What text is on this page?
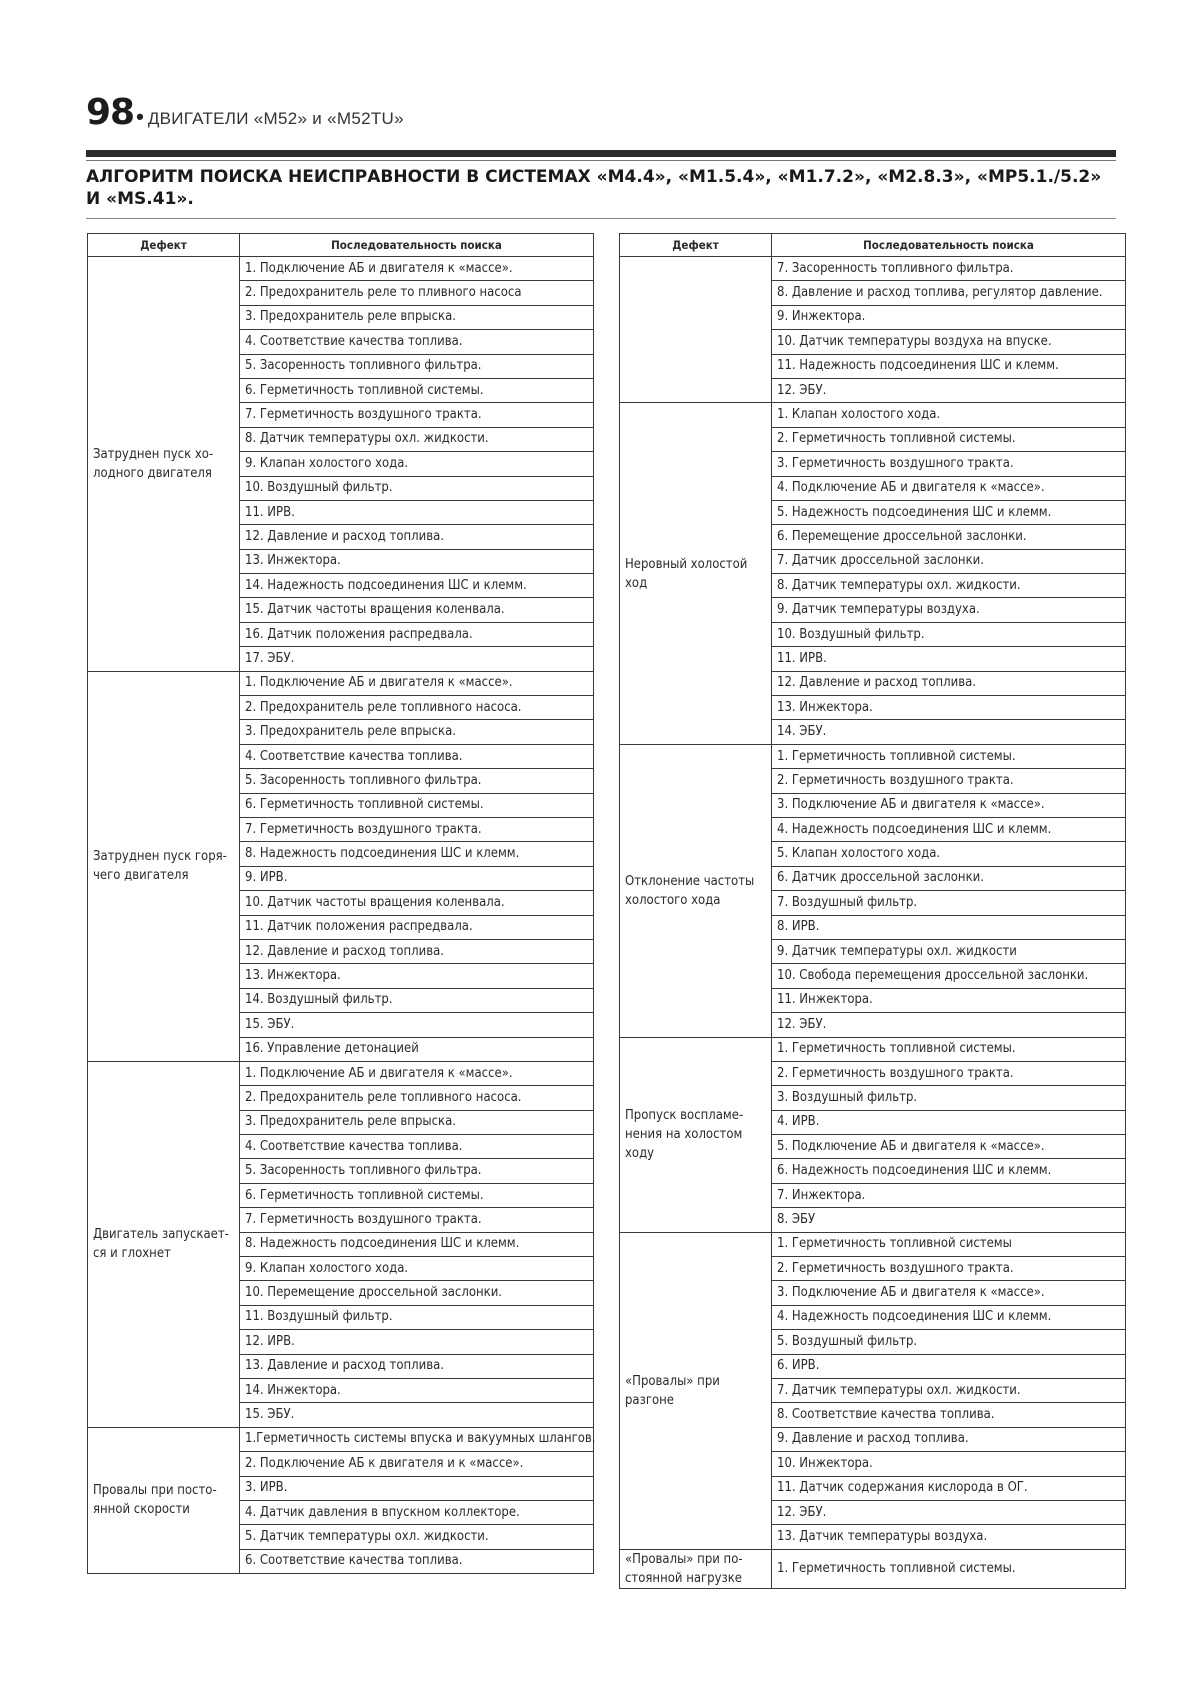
98 • ДВИГАТЕЛИ «М52» и «М52TU»
АЛГОРИТМ ПОИСКА НЕИСПРАВНОСТИ В СИСТЕМАХ «M4.4», «M1.5.4», «M1.7.2», «M2.8.3», «MP5.1./5.2» И «MS.41».
Дефект	Последовательность поиска
Затруднен пуск хо-лодного двигателя	1. Подключение АБ и двигателя к «массе».
	2. Предохранитель реле то пливного насоса
	3. Предохранитель реле впрыска.
	4. Соответствие качества топлива.
	5. Засоренность топливного фильтра.
	6. Герметичность топливной системы.
	7. Герметичность воздушного тракта.
	8. Датчик температуры охл. жидкости.
	9. Клапан холостого хода.
	10. Воздушный фильтр.
	11. ИРВ.
	12. Давление и расход топлива.
	13. Инжектора.
	14. Надежность подсоединения ШС и клемм.
	15. Датчик частоты вращения коленвала.
	16. Датчик положения распредвала.
	17. ЭБУ.
Затруднен пуск горя-чего двигателя	1. Подключение АБ и двигателя к «массе».
	2. Предохранитель реле топливного насоса.
	3. Предохранитель реле впрыска.
	4. Соответствие качества топлива.
	5. Засоренность топливного фильтра.
	6. Герметичность топливной системы.
	7. Герметичность воздушного тракта.
	8. Надежность подсоединения ШС и клемм.
	9. ИРВ.
	10. Датчик частоты вращения коленвала.
	11. Датчик положения распредвала.
	12. Давление и расход топлива.
	13. Инжектора.
	14. Воздушный фильтр.
	15. ЭБУ.
	16. Управление детонацией
Двигатель запускает-ся и глохнет	1. Подключение АБ и двигателя к «массе».
	2. Предохранитель реле топливного насоса.
	3. Предохранитель реле впрыска.
	4. Соответствие качества топлива.
	5. Засоренность топливного фильтра.
	6. Герметичность топливной системы.
	7. Герметичность воздушного тракта.
	8. Надежность подсоединения ШС и клемм.
	9. Клапан холостого хода.
	10. Перемещение дроссельной заслонки.
	11. Воздушный фильтр.
	12. ИРВ.
	13. Давление и расход топлива.
	14. Инжектора.
	15. ЭБУ.
Провалы при посто-янной скорости	1.Герметичность системы впуска и вакуумных шлангов.
	2. Подключение АБ к двигателя и к «массе».
	3. ИРВ.
	4. Датчик давления в впускном коллекторе.
	5. Датчик температуры охл. жидкости.
	6. Соответствие качества топлива.
Дефект	Последовательность поиска
	7. Засоренность топливного фильтра.
	8. Давление и расход топлива, регулятор давление.
	9. Инжектора.
	10. Датчик температуры воздуха на впуске.
	11. Надежность подсоединения ШС и клемм.
	12. ЭБУ.
Неровный холостой ход	1. Клапан холостого хода.
	2. Герметичность топливной системы.
	3. Герметичность воздушного тракта.
	4. Подключение АБ и двигателя к «массе».
	5. Надежность подсоединения ШС и клемм.
	6. Перемещение дроссельной заслонки.
	7. Датчик дроссельной заслонки.
	8. Датчик температуры охл. жидкости.
	9. Датчик температуры воздуха.
	10. Воздушный фильтр.
	11. ИРВ.
	12. Давление и расход топлива.
	13. Инжектора.
	14. ЭБУ.
Отклонение частоты холостого хода	1. Герметичность топливной системы.
	2. Герметичность воздушного тракта.
	3. Подключение АБ и двигателя к «массе».
	4. Надежность подсоединения ШС и клемм.
	5. Клапан холостого хода.
	6. Датчик дроссельной заслонки.
	7. Воздушный фильтр.
	8. ИРВ.
	9. Датчик температуры охл. жидкости
	10. Свобода перемещения дроссельной заслонки.
	11. Инжектора.
	12. ЭБУ.
Пропуск воспламе-нения на холостом ходу	1. Герметичность топливной системы.
	2. Герметичность воздушного тракта.
	3. Воздушный фильтр.
	4. ИРВ.
	5. Подключение АБ и двигателя к «массе».
	6. Надежность подсоединения ШС и клемм.
	7. Инжектора.
	8. ЭБУ
«Провалы» при разгоне	1. Герметичность топливной системы
	2. Герметичность воздушного тракта.
	3. Подключение АБ и двигателя к «массе».
	4. Надежность подсоединения ШС и клемм.
	5. Воздушный фильтр.
	6. ИРВ.
	7. Датчик температуры охл. жидкости.
	8. Соответствие качества топлива.
	9. Давление и расход топлива.
	10. Инжектора.
	11. Датчик содержания кислорода в ОГ.
	12. ЭБУ.
	13. Датчик температуры воздуха.
«Провалы» при по-стоянной нагрузке	1. Герметичность топливной системы.
